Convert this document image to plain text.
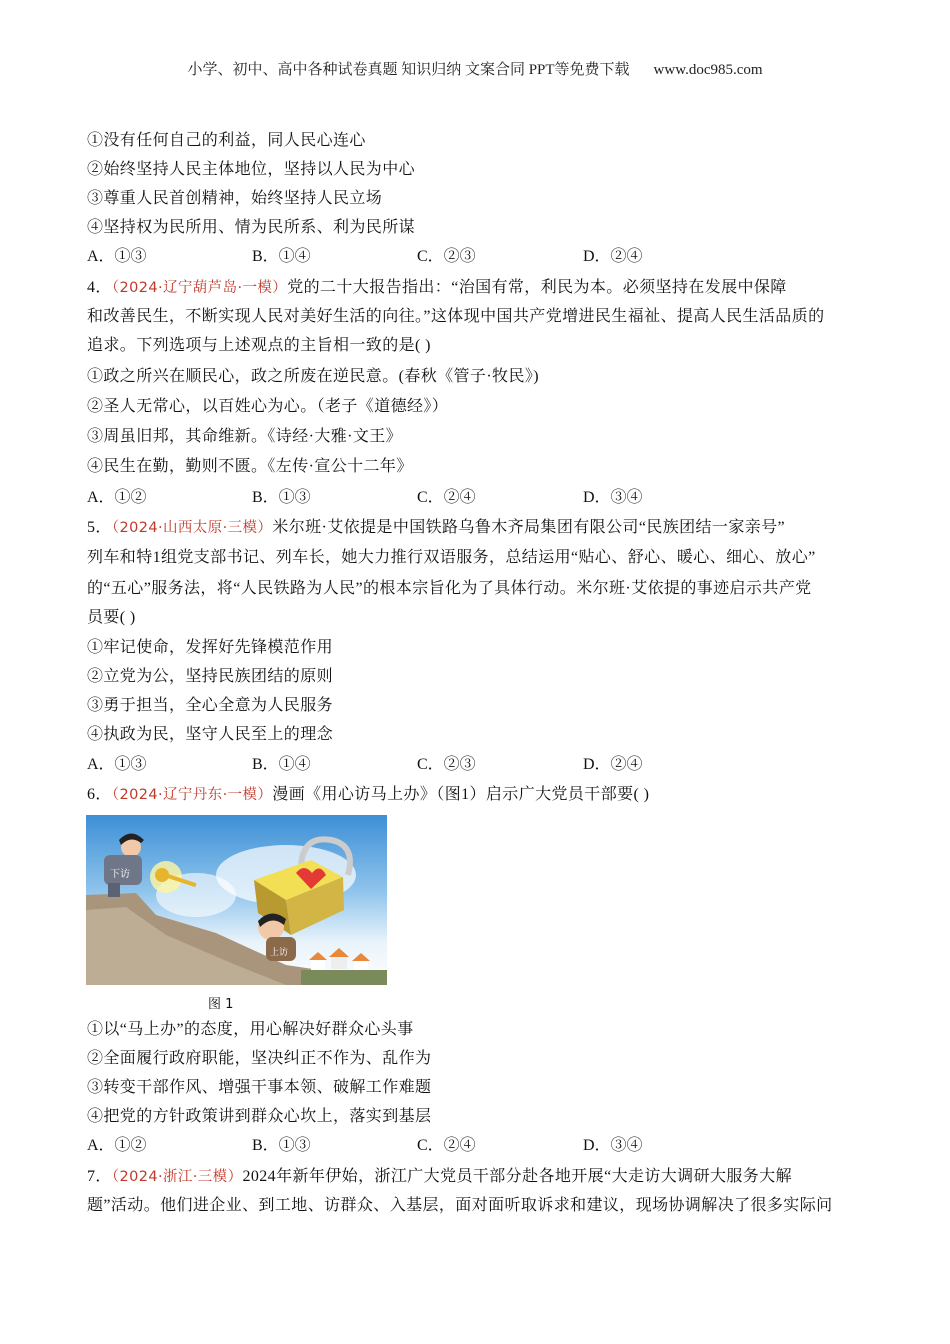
小学、初中、高中各种试卷真题 知识归纳 文案合同 PPT等免费下载 www.doc985.com
①没有任何自己的利益，同人民心连心
②始终坚持人民主体地位，坚持以人民为中心
③尊重人民首创精神，始终坚持人民立场
④坚持权为民所用、情为民所系、利为民所谋
A．①③	B．①④	C．②③	D．②④
4．（2024·辽宁葫芦岛·一模）党的二十大报告指出：“治国有常，利民为本。必须坚持在发展中保障
和改善民生，不断实现人民对美好生活的向往。”这体现中国共产党增进民生福祉、提高人民生活品质的
追求。下列选项与上述观点的主旨相一致的是( )
①政之所兴在顺民心，政之所废在逆民意。(春秋《管子·牧民》)
②圣人无常心，以百姓心为心。（老子《道德经》）
③周虽旧邦，其命维新。《诗经·大雅·文王》
④民生在勤，勤则不匮。《左传·宣公十二年》
A．①②	B．①③	C．②④	D．③④
5．（2024·山西太原·三模）米尔班·艾依提是中国铁路乌鲁木齐局集团有限公司“民族团结一家亲号”
列车和特1组党支部书记、列车长，她大力推行双语服务，总结运用“贴心、舒心、暖心、细心、放心”
的“五心”服务法，将“人民铁路为人民”的根本宗旨化为了具体行动。米尔班·艾依提的事迹启示共产党
员要( )
①牢记使命，发挥好先锋模范作用
②立党为公，坚持民族团结的原则
③勇于担当，全心全意为人民服务
④执政为民，坚守人民至上的理念
A．①③	B．①④	C．②③	D．②④
6．（2024·辽宁丹东·一模）漫画《用心访马上办》（图1）启示广大党员干部要( )
下访
上访
图 1
①以“马上办”的态度，用心解决好群众心头事
②全面履行政府职能，坚决纠正不作为、乱作为
③转变干部作风、增强干事本领、破解工作难题
④把党的方针政策讲到群众心坎上，落实到基层
A．①②	B．①③	C．②④	D．③④
7．（2024·浙江·三模）2024年新年伊始，浙江广大党员干部分赴各地开展“大走访大调研大服务大解
题”活动。他们进企业、到工地、访群众、入基层，面对面听取诉求和建议，现场协调解决了很多实际问
